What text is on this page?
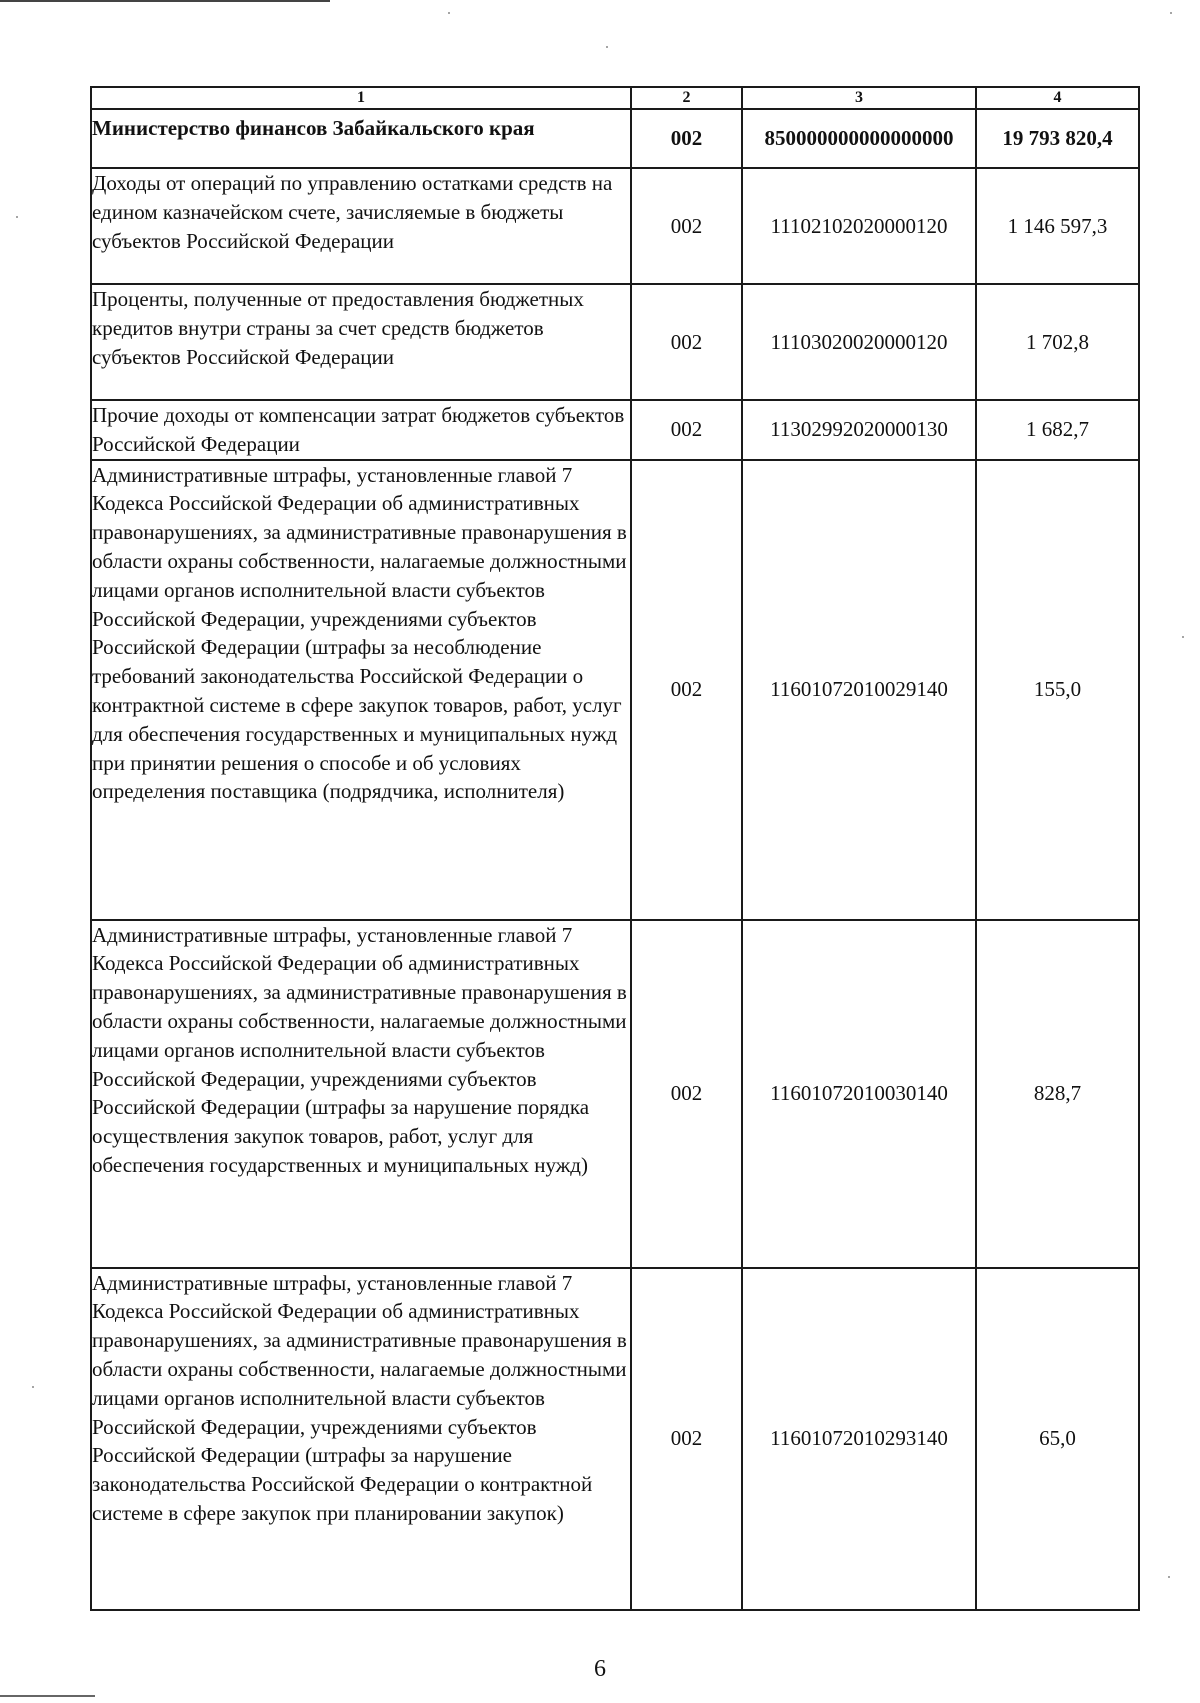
1	2	3	4
Министерство финансов Забайкальского края	002	850000000000000000	19 793 820,4
Доходы от операций по управлению остатками средств на едином казначейском счете, зачисляемые в бюджеты субъектов Российской Федерации	002	11102102020000120	1 146 597,3
Проценты, полученные от предоставления бюджетных кредитов внутри страны за счет средств бюджетов субъектов Российской Федерации	002	11103020020000120	1 702,8
Прочие доходы от компенсации затрат бюджетов субъектов Российской Федерации	002	11302992020000130	1 682,7
Административные штрафы, установленные главой 7 Кодекса Российской Федерации об административных правонарушениях, за административные правонарушения в области охраны собственности, налагаемые должностными лицами органов исполнительной власти субъектов Российской Федерации, учреждениями субъектов Российской Федерации (штрафы за несоблюдение требований законодательства Российской Федерации о контрактной системе в сфере закупок товаров, работ, услуг для обеспечения государственных и муниципальных нужд при принятии решения о способе и об условиях определения поставщика (подрядчика, исполнителя)	002	11601072010029140	155,0
Административные штрафы, установленные главой 7 Кодекса Российской Федерации об административных правонарушениях, за административные правонарушения в области охраны собственности, налагаемые должностными лицами органов исполнительной власти субъектов Российской Федерации, учреждениями субъектов Российской Федерации (штрафы за нарушение порядка осуществления закупок товаров, работ, услуг для обеспечения государственных и муниципальных нужд)	002	11601072010030140	828,7
Административные штрафы, установленные главой 7 Кодекса Российской Федерации об административных правонарушениях, за административные правонарушения в области охраны собственности, налагаемые должностными лицами органов исполнительной власти субъектов Российской Федерации, учреждениями субъектов Российской Федерации (штрафы за нарушение законодательства Российской Федерации о контрактной системе в сфере закупок при планировании закупок)	002	11601072010293140	65,0
6
